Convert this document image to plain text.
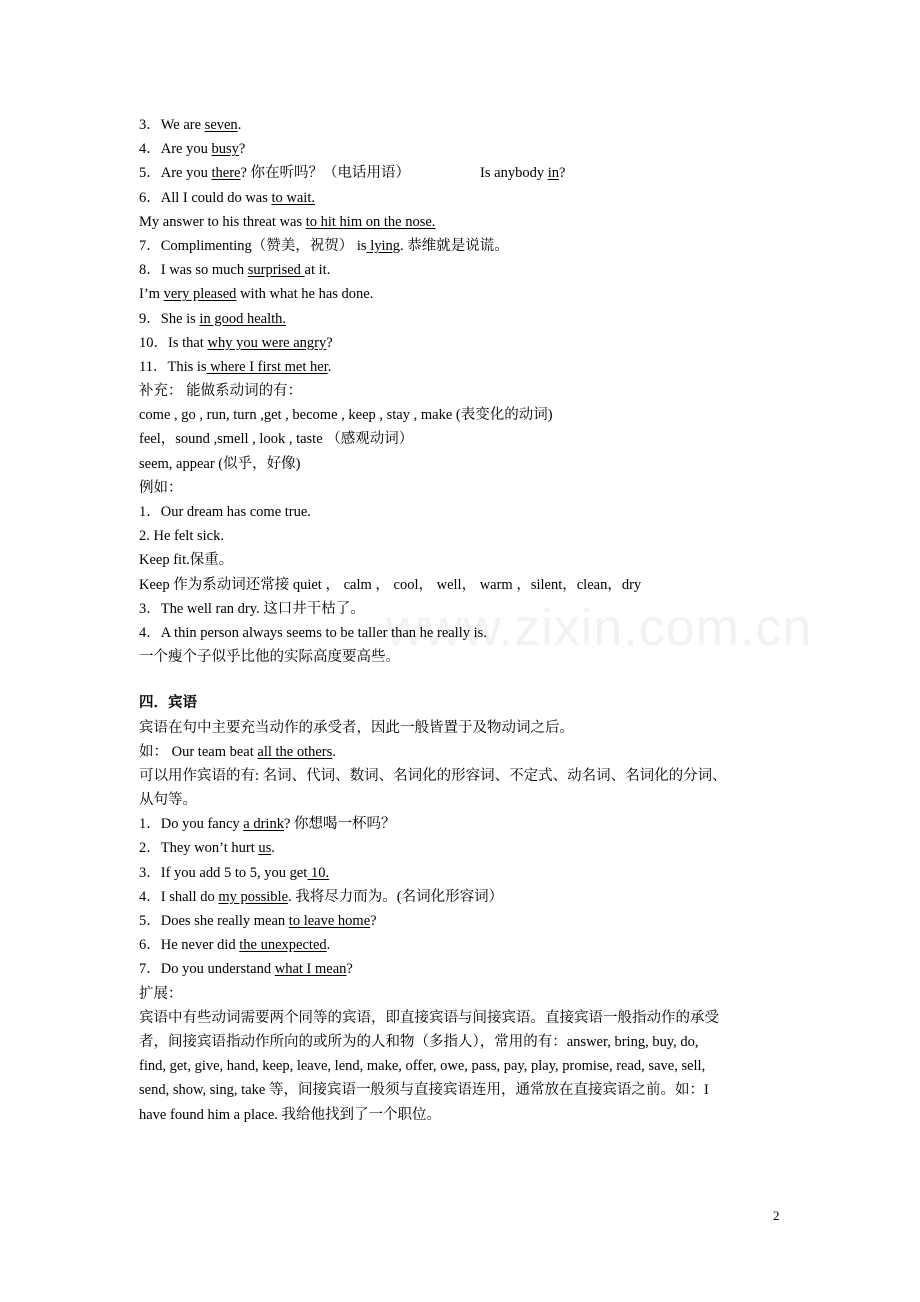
www.zixin.com.cn
3．We are seven.
4．Are you busy?
5．Are you there? 你在听吗？（电话用语）	Is anybody in?
6．All I could do was to wait.
My answer to his threat was to hit him on the nose.
7．Complimenting（赞美，祝贺） is lying. 恭维就是说谎。
8．I was so much surprised at it.
I’m very pleased with what he has done.
9．She is in good health.
10．Is that why you were angry?
11．This is where I first met her.
补充： 能做系动词的有：
come , go , run, turn ,get , become , keep , stay , make (表变化的动词)
feel，sound ,smell , look , taste （感观动词）
seem, appear (似乎，好像)
例如：
1．Our dream has come true.
2. He felt sick.
Keep fit.保重。
Keep 作为系动词还常接 quiet ， calm ， cool， well， warm ，silent，clean，dry
3．The well ran dry. 这口井干枯了。
4．A thin person always seems to be taller than he really is.
一个瘦个子似乎比他的实际高度要高些。
四．宾语
宾语在句中主要充当动作的承受者，因此一般皆置于及物动词之后。
如： Our team beat all the others.
可以用作宾语的有: 名词、代词、数词、名词化的形容词、不定式、动名词、名词化的分词、
从句等。
1．Do you fancy a drink? 你想喝一杯吗？
2．They won’t hurt us.
3．If you add 5 to 5, you get 10.
4．I shall do my possible. 我将尽力而为。(名词化形容词）
5．Does she really mean to leave home?
6．He never did the unexpected.
7．Do you understand what I mean?
扩展：
宾语中有些动词需要两个同等的宾语，即直接宾语与间接宾语。直接宾语一般指动作的承受
者，间接宾语指动作所向的或所为的人和物（多指人），常用的有：answer, bring, buy, do,
find, get, give, hand, keep, leave, lend, make, offer, owe, pass, pay, play, promise, read, save, sell,
send, show, sing, take 等，间接宾语一般须与直接宾语连用，通常放在直接宾语之前。如：I
have found him a place. 我给他找到了一个职位。
2
